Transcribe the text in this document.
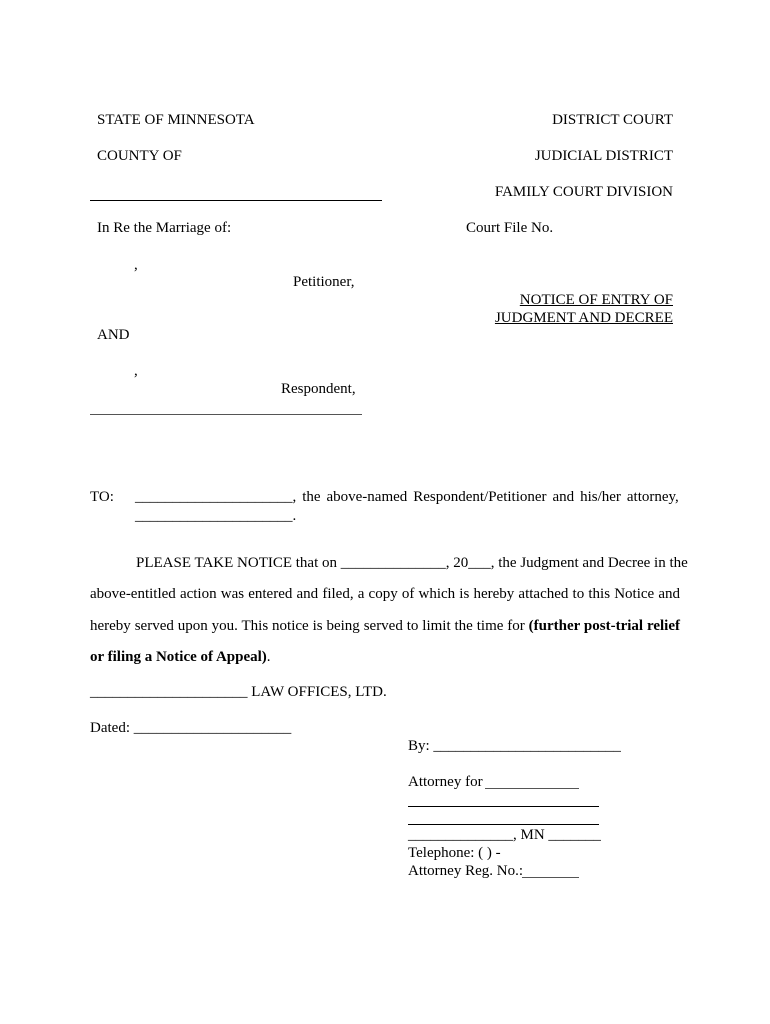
STATE OF MINNESOTA	DISTRICT COURT
COUNTY OF	JUDICIAL DISTRICT
FAMILY COURT DIVISION
In Re the Marriage of:	Court File No.
,
Petitioner,
NOTICE OF ENTRY OF
JUDGMENT AND DECREE
AND
,
Respondent,
TO: _____________________, the above-named Respondent/Petitioner and his/her attorney,
_____________________.
PLEASE TAKE NOTICE that on ______________, 20___, the Judgment and Decree in the
above-entitled action was entered and filed, a copy of which is hereby attached to this Notice and
hereby served upon you. This notice is being served to limit the time for (further post-trial relief
or filing a Notice of Appeal).
_____________________ LAW OFFICES, LTD.
Dated: _____________________
By: _________________________
Attorney for
______________, MN _______
Telephone: ( ) -
Attorney Reg. No.:
